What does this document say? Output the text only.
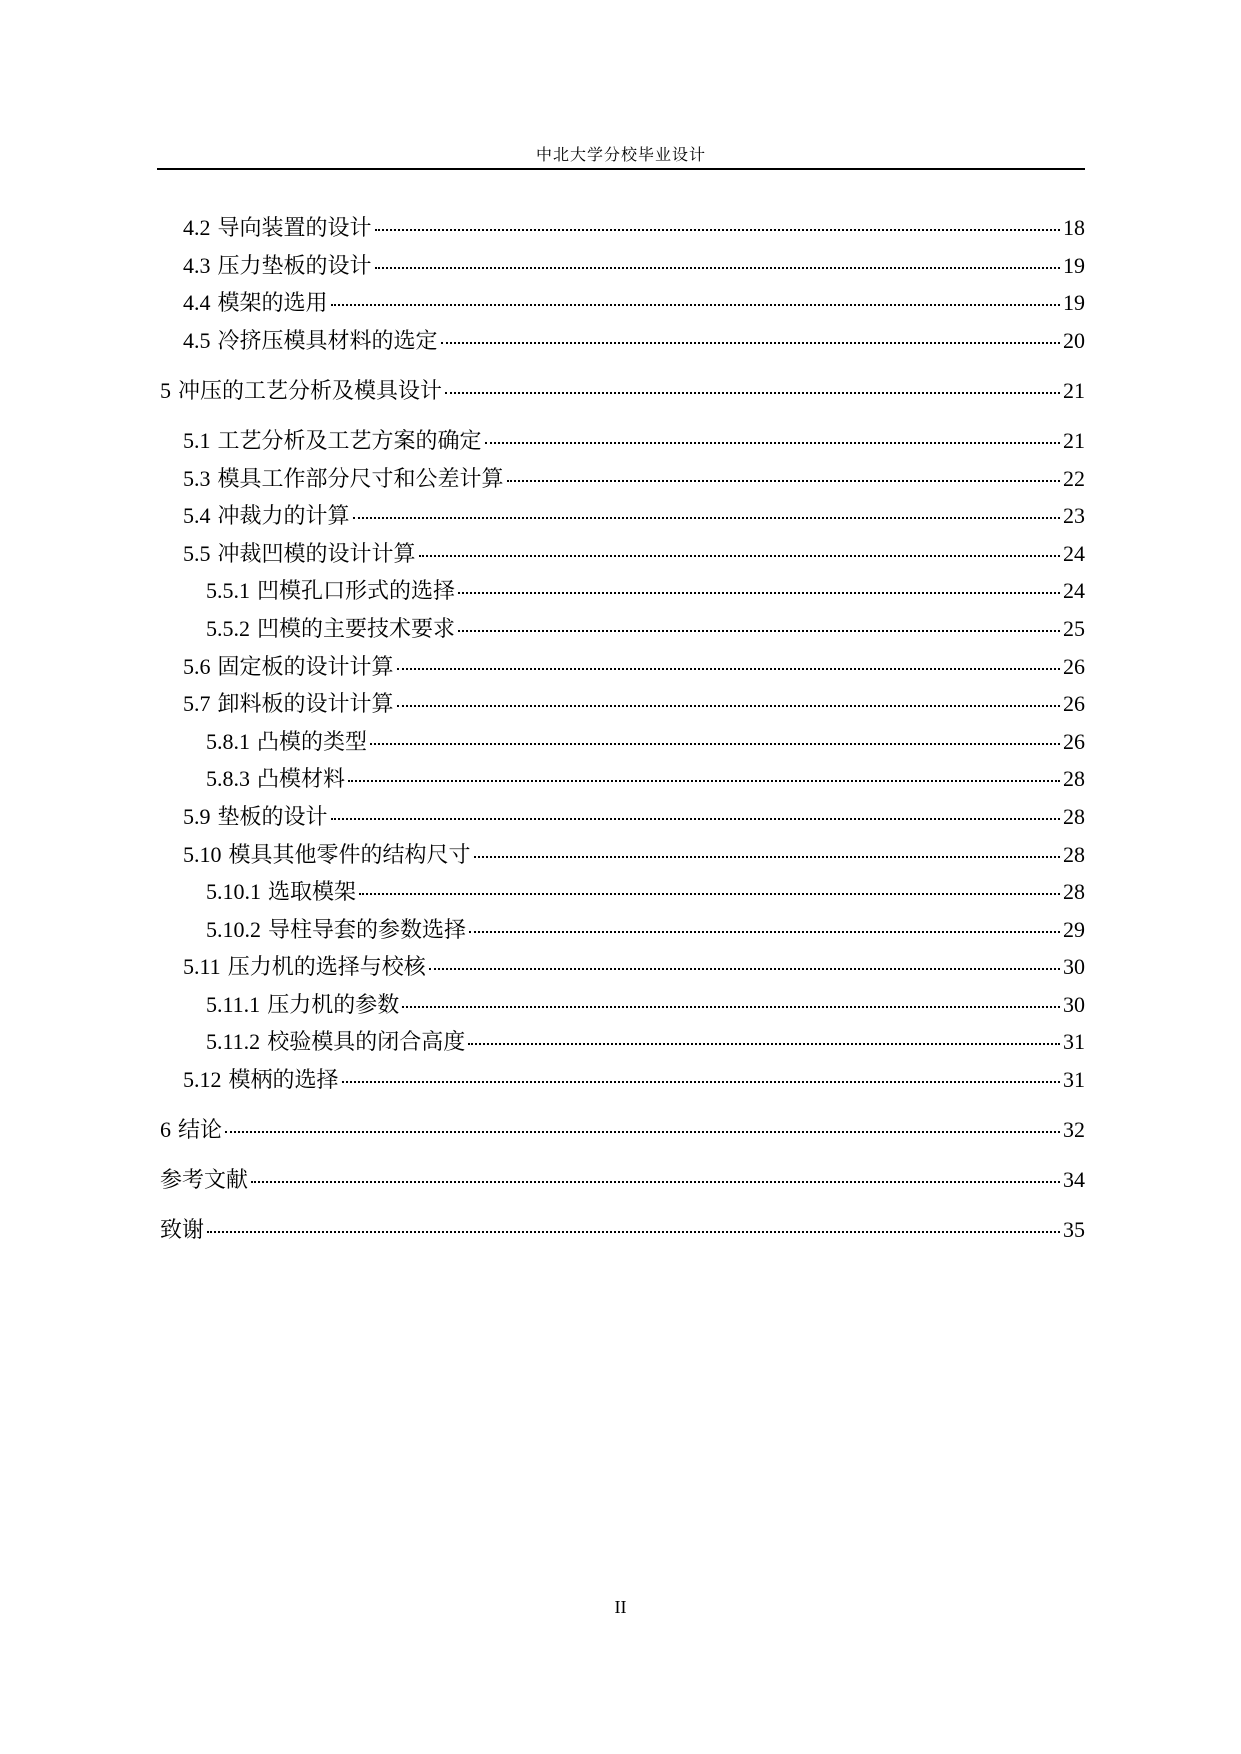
中北大学分校毕业设计
4.2 导向装置的设计	18
4.3 压力垫板的设计	19
4.4 模架的选用	19
4.5 冷挤压模具材料的选定	20
5 冲压的工艺分析及模具设计	21
5.1 工艺分析及工艺方案的确定	21
5.3 模具工作部分尺寸和公差计算	22
5.4 冲裁力的计算	23
5.5 冲裁凹模的设计计算	24
5.5.1 凹模孔口形式的选择	24
5.5.2 凹模的主要技术要求	25
5.6 固定板的设计计算	26
5.7 卸料板的设计计算	26
5.8.1 凸模的类型	26
5.8.3 凸模材料	28
5.9 垫板的设计	28
5.10 模具其他零件的结构尺寸	28
5.10.1 选取模架	28
5.10.2 导柱导套的参数选择	29
5.11 压力机的选择与校核	30
5.11.1 压力机的参数	30
5.11.2 校验模具的闭合高度	31
5.12 模柄的选择	31
6 结论	32
参考文献	34
致谢	35
II
